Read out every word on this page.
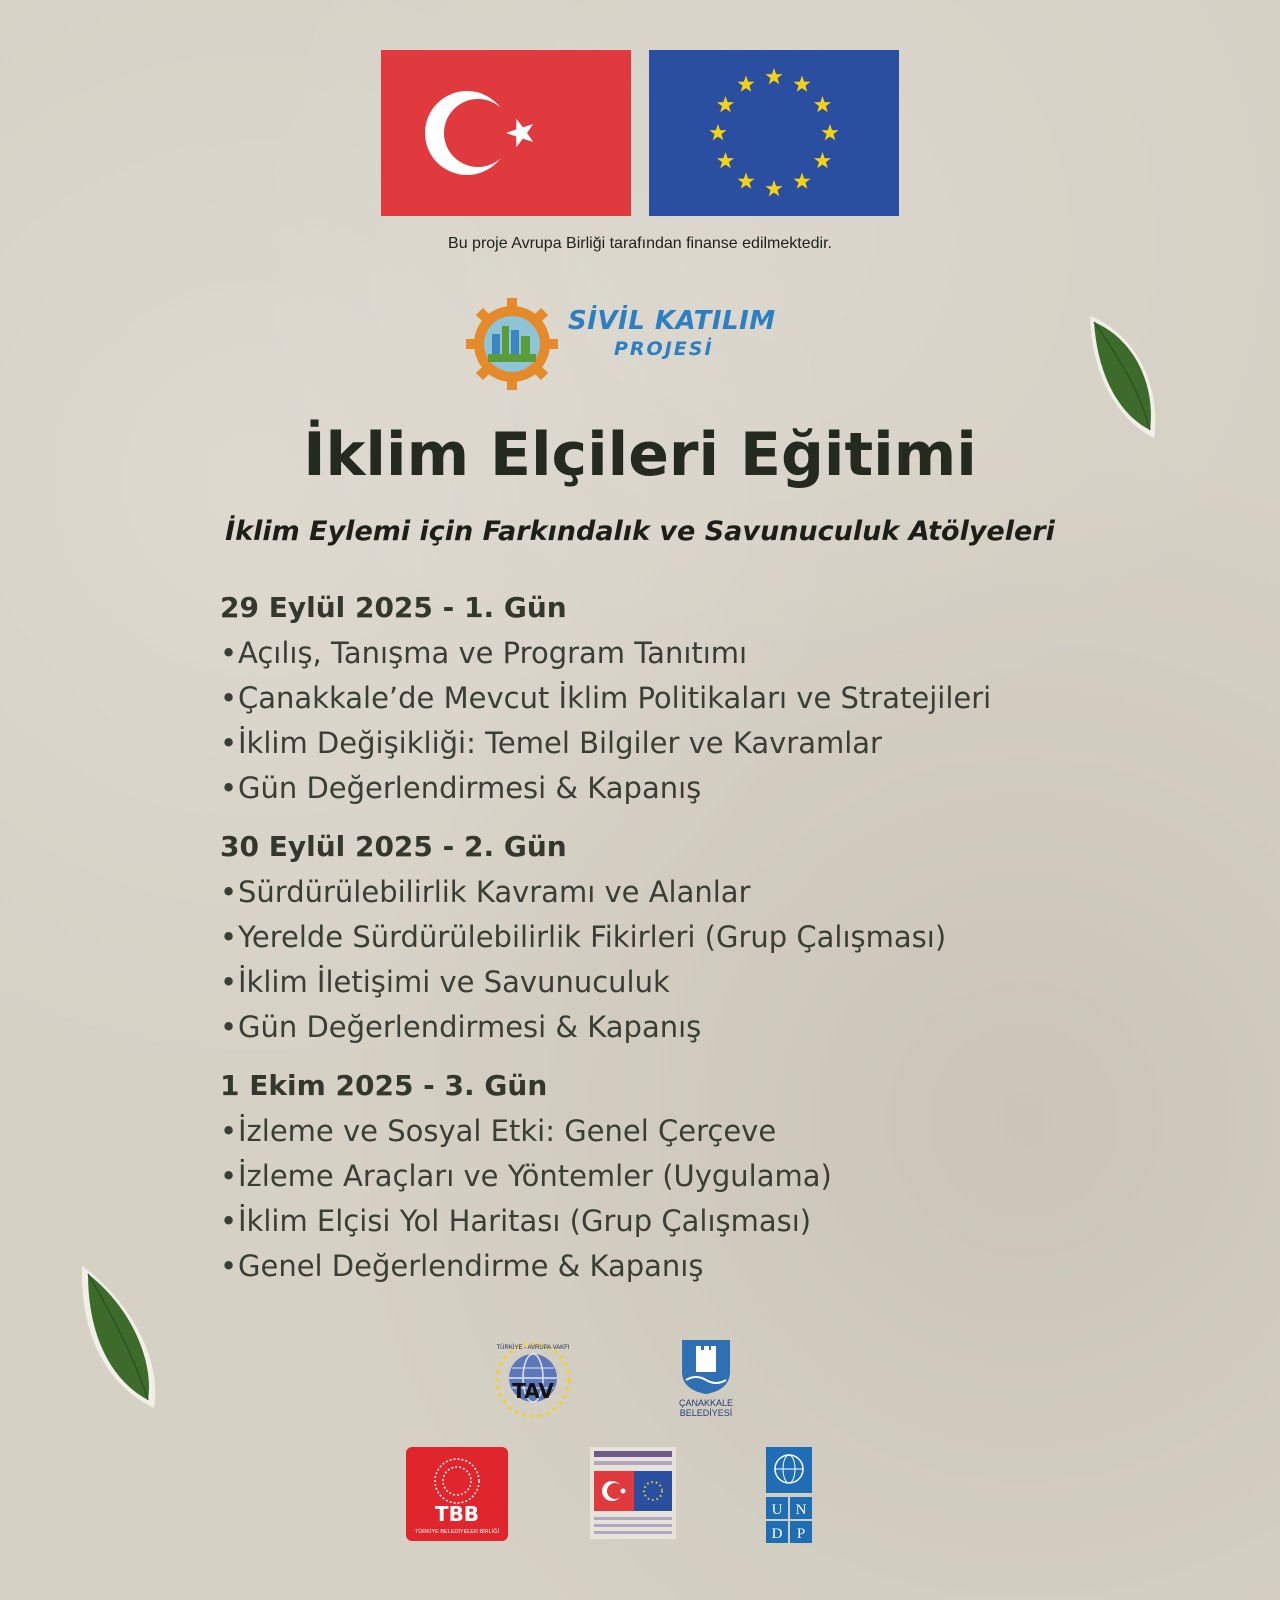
Bu proje Avrupa Birliği tarafından finanse edilmektedir.
SİVİL KATILIM
PROJESİ
İklim Elçileri Eğitimi
İklim Eylemi için Farkındalık ve Savunuculuk Atölyeleri
29 Eylül 2025 - 1. Gün
•Açılış, Tanışma ve Program Tanıtımı
•Çanakkale’de Mevcut İklim Politikaları ve Stratejileri
•İklim Değişikliği: Temel Bilgiler ve Kavramlar
•Gün Değerlendirmesi & Kapanış
30 Eylül 2025 - 2. Gün
•Sürdürülebilirlik Kavramı ve Alanlar
•Yerelde Sürdürülebilirlik Fikirleri (Grup Çalışması)
•İklim İletişimi ve Savunuculuk
•Gün Değerlendirmesi & Kapanış
1 Ekim 2025 - 3. Gün
•İzleme ve Sosyal Etki: Genel Çerçeve
•İzleme Araçları ve Yöntemler (Uygulama)
•İklim Elçisi Yol Haritası (Grup Çalışması)
•Genel Değerlendirme & Kapanış
TAV
TÜRKİYE - AVRUPA VAKFI
ÇANAKKALE
BELEDİYESİ
TBB
TÜRKİYE BELEDİYELER BİRLİĞİ
U N
D P
